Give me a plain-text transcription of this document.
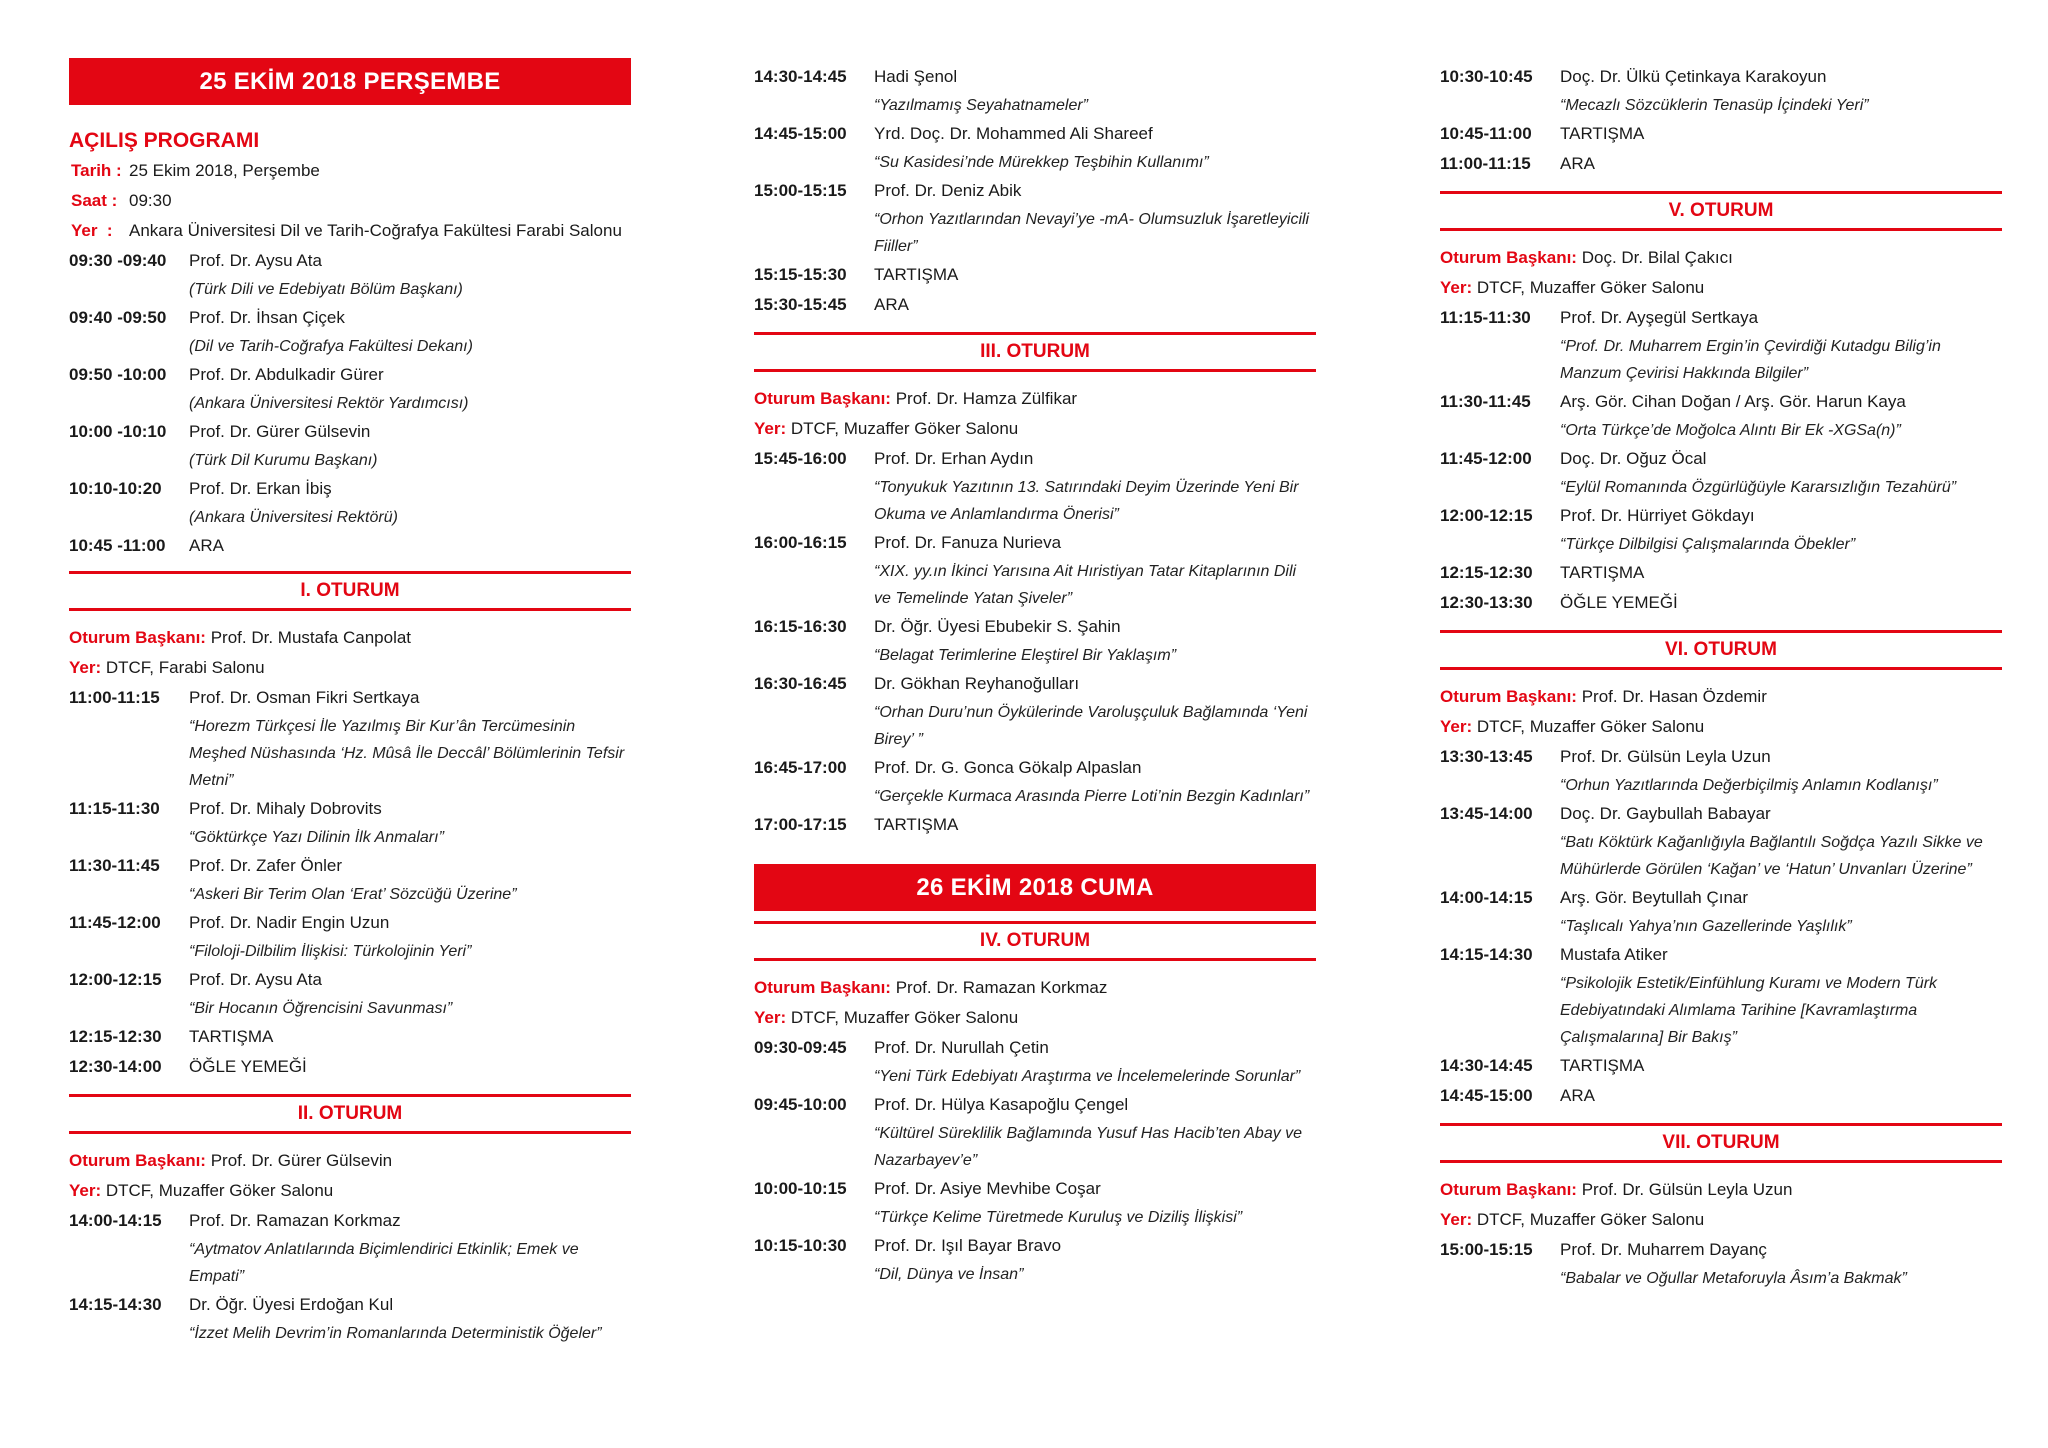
25 EKİM 2018 PERŞEMBE
AÇILIŞ PROGRAMI
Tarih : 25 Ekim 2018, Perşembe
Saat : 09:30
Yer  : Ankara Üniversitesi Dil ve Tarih-Coğrafya Fakültesi Farabi Salonu
09:30 -09:40	Prof. Dr. Aysu Ata
(Türk Dili ve Edebiyatı Bölüm Başkanı)
09:40 -09:50	Prof. Dr. İhsan Çiçek
(Dil ve Tarih-Coğrafya Fakültesi Dekanı)
09:50 -10:00	Prof. Dr. Abdulkadir Gürer
(Ankara Üniversitesi Rektör Yardımcısı)
10:00 -10:10	Prof. Dr. Gürer Gülsevin
(Türk Dil Kurumu Başkanı)
10:10-10:20	Prof. Dr. Erkan İbiş
(Ankara Üniversitesi Rektörü)
10:45 -11:00	ARA
I. OTURUM
Oturum Başkanı: Prof. Dr. Mustafa Canpolat
Yer: DTCF, Farabi Salonu
11:00-11:15	Prof. Dr. Osman Fikri Sertkaya
“Horezm Türkçesi İle Yazılmış Bir Kur’ân Tercümesinin Meşhed Nüshasında ‘Hz. Mûsâ İle Deccâl’ Bölümlerinin Tefsir Metni”
11:15-11:30	Prof. Dr. Mihaly Dobrovits
“Göktürkçe Yazı Dilinin İlk Anmaları”
11:30-11:45	Prof. Dr. Zafer Önler
“Askeri Bir Terim Olan ‘Erat’ Sözcüğü Üzerine”
11:45-12:00	Prof. Dr. Nadir Engin Uzun
“Filoloji-Dilbilim İlişkisi: Türkolojinin Yeri”
12:00-12:15	Prof. Dr. Aysu Ata
“Bir Hocanın Öğrencisini Savunması”
12:15-12:30	TARTIŞMA
12:30-14:00	ÖĞLE YEMEĞİ
II. OTURUM
Oturum Başkanı: Prof. Dr. Gürer Gülsevin
Yer: DTCF, Muzaffer Göker Salonu
14:00-14:15	Prof. Dr. Ramazan Korkmaz
“Aytmatov Anlatılarında Biçimlendirici Etkinlik; Emek ve Empati”
14:15-14:30	Dr. Öğr. Üyesi Erdoğan Kul
“İzzet Melih Devrim’in Romanlarında Deterministik Öğeler”
14:30-14:45	Hadi Şenol
“Yazılmamış Seyahatnameler”
14:45-15:00	Yrd. Doç. Dr. Mohammed Ali Shareef
“Su Kasidesi’nde Mürekkep Teşbihin Kullanımı”
15:00-15:15	Prof. Dr. Deniz Abik
“Orhon Yazıtlarından Nevayi’ye -mA- Olumsuzluk İşaretleyicili Fiiller”
15:15-15:30	TARTIŞMA
15:30-15:45	ARA
III. OTURUM
Oturum Başkanı: Prof. Dr. Hamza Zülfikar
Yer: DTCF, Muzaffer Göker Salonu
15:45-16:00	Prof. Dr. Erhan Aydın
“Tonyukuk Yazıtının 13. Satırındaki Deyim Üzerinde Yeni Bir Okuma ve Anlamlandırma Önerisi”
16:00-16:15	Prof. Dr. Fanuza Nurieva
“XIX. yy.ın İkinci Yarısına Ait Hıristiyan Tatar Kitaplarının Dili ve Temelinde Yatan Şiveler”
16:15-16:30	Dr. Öğr. Üyesi Ebubekir S. Şahin
“Belagat Terimlerine Eleştirel Bir Yaklaşım”
16:30-16:45	Dr. Gökhan Reyhanoğulları
“Orhan Duru’nun Öykülerinde Varoluşçuluk Bağlamında ‘Yeni Birey’ ”
16:45-17:00	Prof. Dr. G. Gonca Gökalp Alpaslan
“Gerçekle Kurmaca Arasında Pierre Loti’nin Bezgin Kadınları”
17:00-17:15	TARTIŞMA
26 EKİM 2018 CUMA
IV. OTURUM
Oturum Başkanı: Prof. Dr. Ramazan Korkmaz
Yer: DTCF, Muzaffer Göker Salonu
09:30-09:45	Prof. Dr. Nurullah Çetin
“Yeni Türk Edebiyatı Araştırma ve İncelemelerinde Sorunlar”
09:45-10:00	Prof. Dr. Hülya Kasapoğlu Çengel
“Kültürel Süreklilik Bağlamında Yusuf Has Hacib’ten Abay ve Nazarbayev’e”
10:00-10:15	Prof. Dr. Asiye Mevhibe Coşar
“Türkçe Kelime Türetmede Kuruluş ve Diziliş İlişkisi”
10:15-10:30	Prof. Dr. Işıl Bayar Bravo
“Dil, Dünya ve İnsan”
10:30-10:45	Doç. Dr. Ülkü Çetinkaya Karakoyun
“Mecazlı Sözcüklerin Tenasüp İçindeki Yeri”
10:45-11:00	TARTIŞMA
11:00-11:15	ARA
V. OTURUM
Oturum Başkanı: Doç. Dr. Bilal Çakıcı
Yer: DTCF, Muzaffer Göker Salonu
11:15-11:30	Prof. Dr. Ayşegül Sertkaya
“Prof. Dr. Muharrem Ergin’in Çevirdiği Kutadgu Bilig’in Manzum Çevirisi Hakkında Bilgiler”
11:30-11:45	Arş. Gör. Cihan Doğan / Arş. Gör. Harun Kaya
“Orta Türkçe’de Moğolca Alıntı Bir Ek -XGSa(n)”
11:45-12:00	Doç. Dr. Oğuz Öcal
“Eylül Romanında Özgürlüğüyle Kararsızlığın Tezahürü”
12:00-12:15	Prof. Dr. Hürriyet Gökdayı
“Türkçe Dilbilgisi Çalışmalarında Öbekler”
12:15-12:30	TARTIŞMA
12:30-13:30	ÖĞLE YEMEĞİ
VI. OTURUM
Oturum Başkanı: Prof. Dr. Hasan Özdemir
Yer: DTCF, Muzaffer Göker Salonu
13:30-13:45	Prof. Dr. Gülsün Leyla Uzun
“Orhun Yazıtlarında Değerbiçilmiş Anlamın Kodlanışı”
13:45-14:00	Doç. Dr. Gaybullah Babayar
“Batı Köktürk Kağanlığıyla Bağlantılı Soğdça Yazılı Sikke ve Mühürlerde Görülen ‘Kağan’ ve ‘Hatun’ Unvanları Üzerine”
14:00-14:15	Arş. Gör. Beytullah Çınar
“Taşlıcalı Yahya’nın Gazellerinde Yaşlılık”
14:15-14:30	Mustafa Atiker
“Psikolojik Estetik/Einfühlung Kuramı ve Modern Türk Edebiyatındaki Alımlama Tarihine [Kavramlaştırma Çalışmalarına] Bir Bakış”
14:30-14:45	TARTIŞMA
14:45-15:00	ARA
VII. OTURUM
Oturum Başkanı: Prof. Dr. Gülsün Leyla Uzun
Yer: DTCF, Muzaffer Göker Salonu
15:00-15:15	Prof. Dr. Muharrem Dayanç
“Babalar ve Oğullar Metaforuyla Âsım’a Bakmak”
